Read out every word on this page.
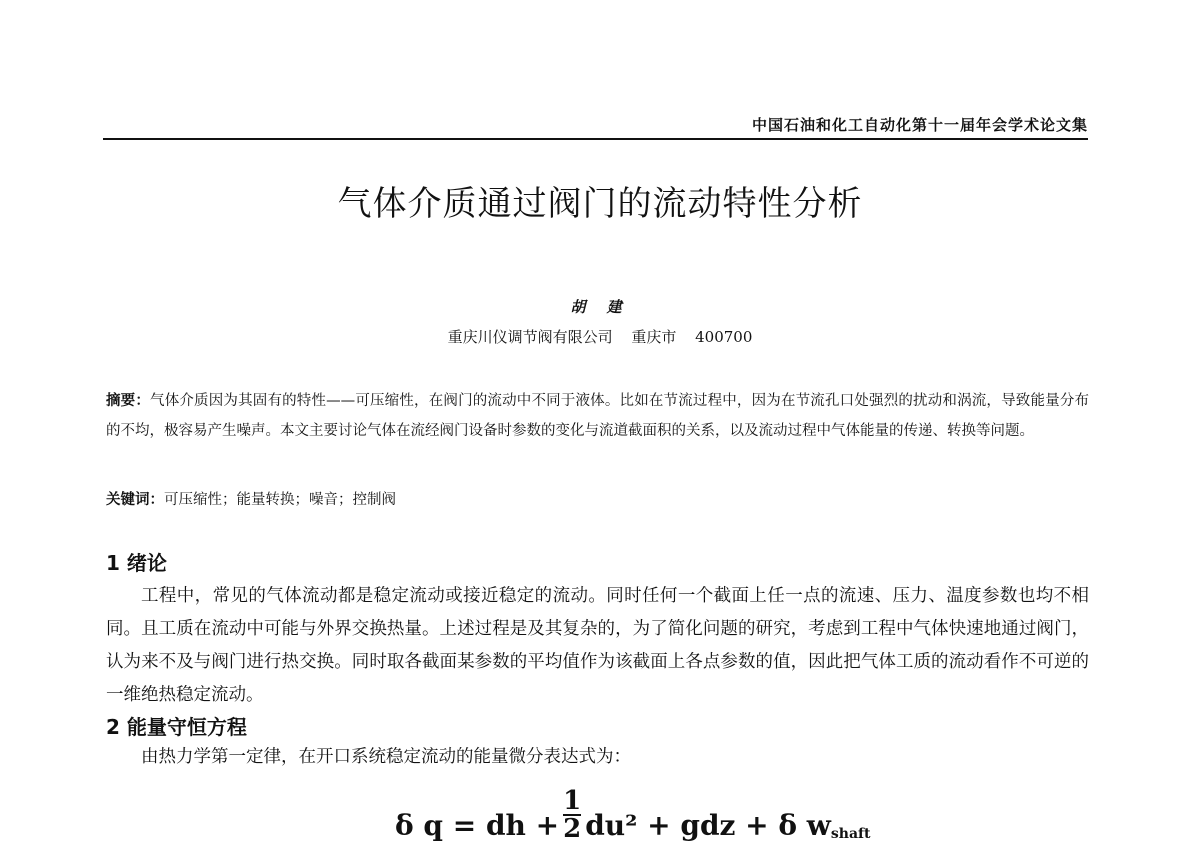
中国石油和化工自动化第十一届年会学术论文集
气体介质通过阀门的流动特性分析
胡 建
重庆川仪调节阀有限公司 重庆市 400700
摘要：气体介质因为其固有的特性——可压缩性，在阀门的流动中不同于液体。比如在节流过程中，因为在节流孔口处强烈的扰动和涡流，导致能量分布的不均，极容易产生噪声。本文主要讨论气体在流经阀门设备时参数的变化与流道截面积的关系，以及流动过程中气体能量的传递、转换等问题。
关键词：可压缩性；能量转换；噪音；控制阀
1 绪论
工程中，常见的气体流动都是稳定流动或接近稳定的流动。同时任何一个截面上任一点的流速、压力、温度参数也均不相同。且工质在流动中可能与外界交换热量。上述过程是及其复杂的，为了简化问题的研究，考虑到工程中气体快速地通过阀门，认为来不及与阀门进行热交换。同时取各截面某参数的平均值作为该截面上各点参数的值，因此把气体工质的流动看作不可逆的一维绝热稳定流动。
2 能量守恒方程
由热力学第一定律，在开口系统稳定流动的能量微分表达式为：
δ q = dh + $\frac{1}{2} du^2$ + gdz + δ $w_{shaft}$
